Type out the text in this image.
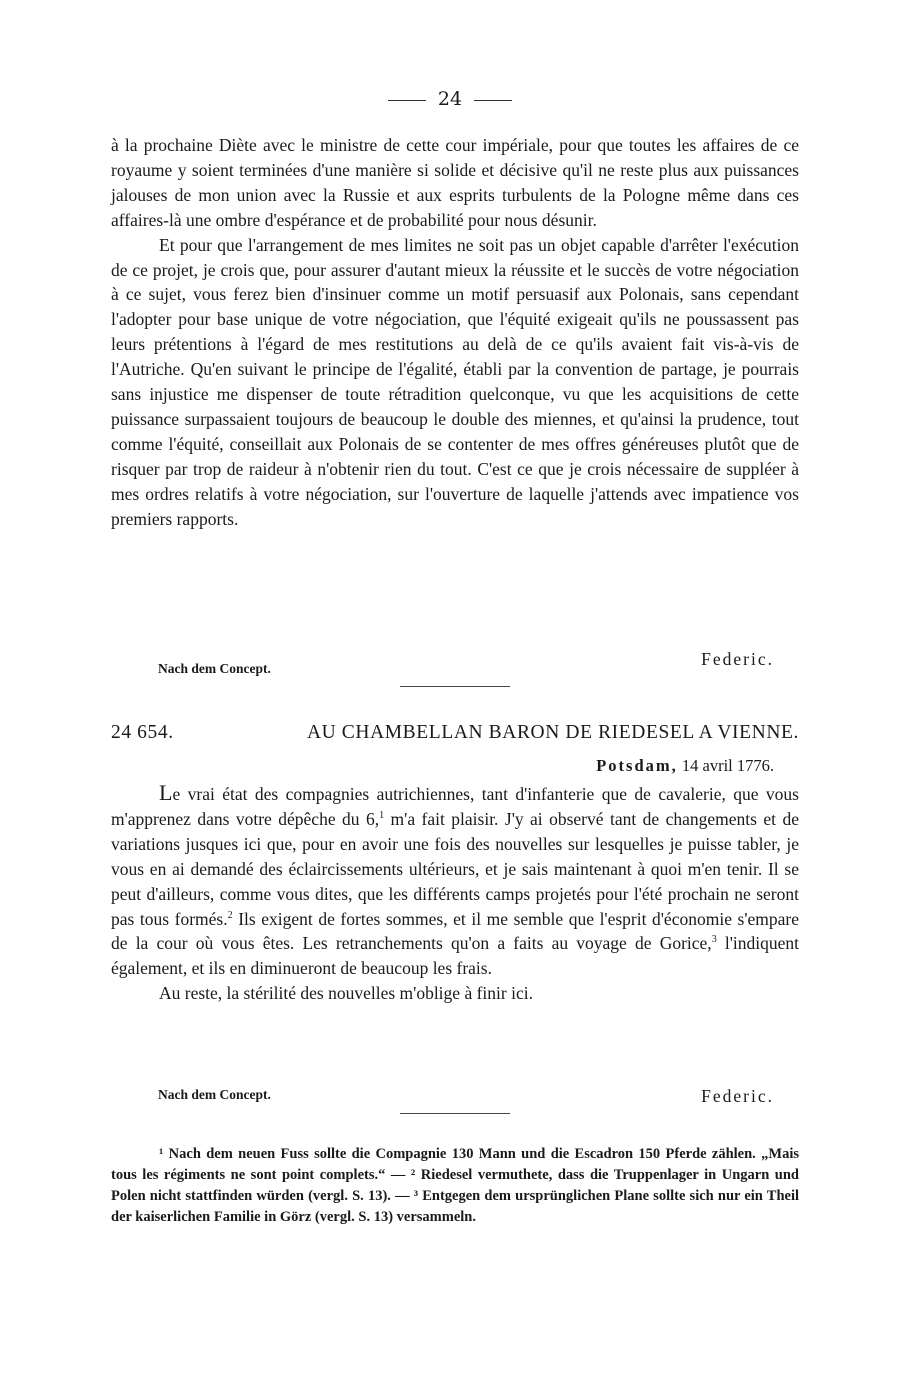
24

à la prochaine Diète avec le ministre de cette cour impériale, pour que toutes les affaires de ce royaume y soient terminées d'une manière si solide et décisive qu'il ne reste plus aux puissances jalouses de mon union avec la Russie et aux esprits turbulents de la Pologne même dans ces affaires-là une ombre d'espérance et de probabilité pour nous désunir.

Et pour que l'arrangement de mes limites ne soit pas un objet capable d'arrêter l'exécution de ce projet, je crois que, pour assurer d'autant mieux la réussite et le succès de votre négociation à ce sujet, vous ferez bien d'insinuer comme un motif persuasif aux Polonais, sans cependant l'adopter pour base unique de votre négociation, que l'équité exigeait qu'ils ne poussassent pas leurs prétentions à l'égard de mes restitutions au delà de ce qu'ils avaient fait vis-à-vis de l'Autriche. Qu'en suivant le principe de l'égalité, établi par la convention de partage, je pourrais sans injustice me dispenser de toute rétradition quelconque, vu que les acquisitions de cette puissance surpassaient toujours de beaucoup le double des miennes, et qu'ainsi la prudence, tout comme l'équité, conseillait aux Polonais de se contenter de mes offres généreuses plutôt que de risquer par trop de raideur à n'obtenir rien du tout. C'est ce que je crois nécessaire de suppléer à mes ordres relatifs à votre négociation, sur l'ouverture de laquelle j'attends avec impatience vos premiers rapports.

Nach dem Concept.	Federic.
24 654.	AU CHAMBELLAN BARON DE RIEDESEL A VIENNE.
Potsdam, 14 avril 1776.

Le vrai état des compagnies autrichiennes, tant d'infanterie que de cavalerie, que vous m'apprenez dans votre dépêche du 6,$^1$ m'a fait plaisir. J'y ai observé tant de changements et de variations jusques ici que, pour en avoir une fois des nouvelles sur lesquelles je puisse tabler, je vous en ai demandé des éclaircissements ultérieurs, et je sais maintenant à quoi m'en tenir. Il se peut d'ailleurs, comme vous dites, que les différents camps projetés pour l'été prochain ne seront pas tous formés.$^2$ Ils exigent de fortes sommes, et il me semble que l'esprit d'économie s'empare de la cour où vous êtes. Les retranchements qu'on a faits au voyage de Gorice,$^3$ l'indiquent également, et ils en diminueront de beaucoup les frais.

Au reste, la stérilité des nouvelles m'oblige à finir ici.

Nach dem Concept.	Federic.

¹ Nach dem neuen Fuss sollte die Compagnie 130 Mann und die Escadron 150 Pferde zählen. „Mais tous les régiments ne sont point complets.“ — ² Riedesel vermuthete, dass die Truppenlager in Ungarn und Polen nicht stattfinden würden (vergl. S. 13). — ³ Entgegen dem ursprünglichen Plane sollte sich nur ein Theil der kaiserlichen Familie in Görz (vergl. S. 13) versammeln.
